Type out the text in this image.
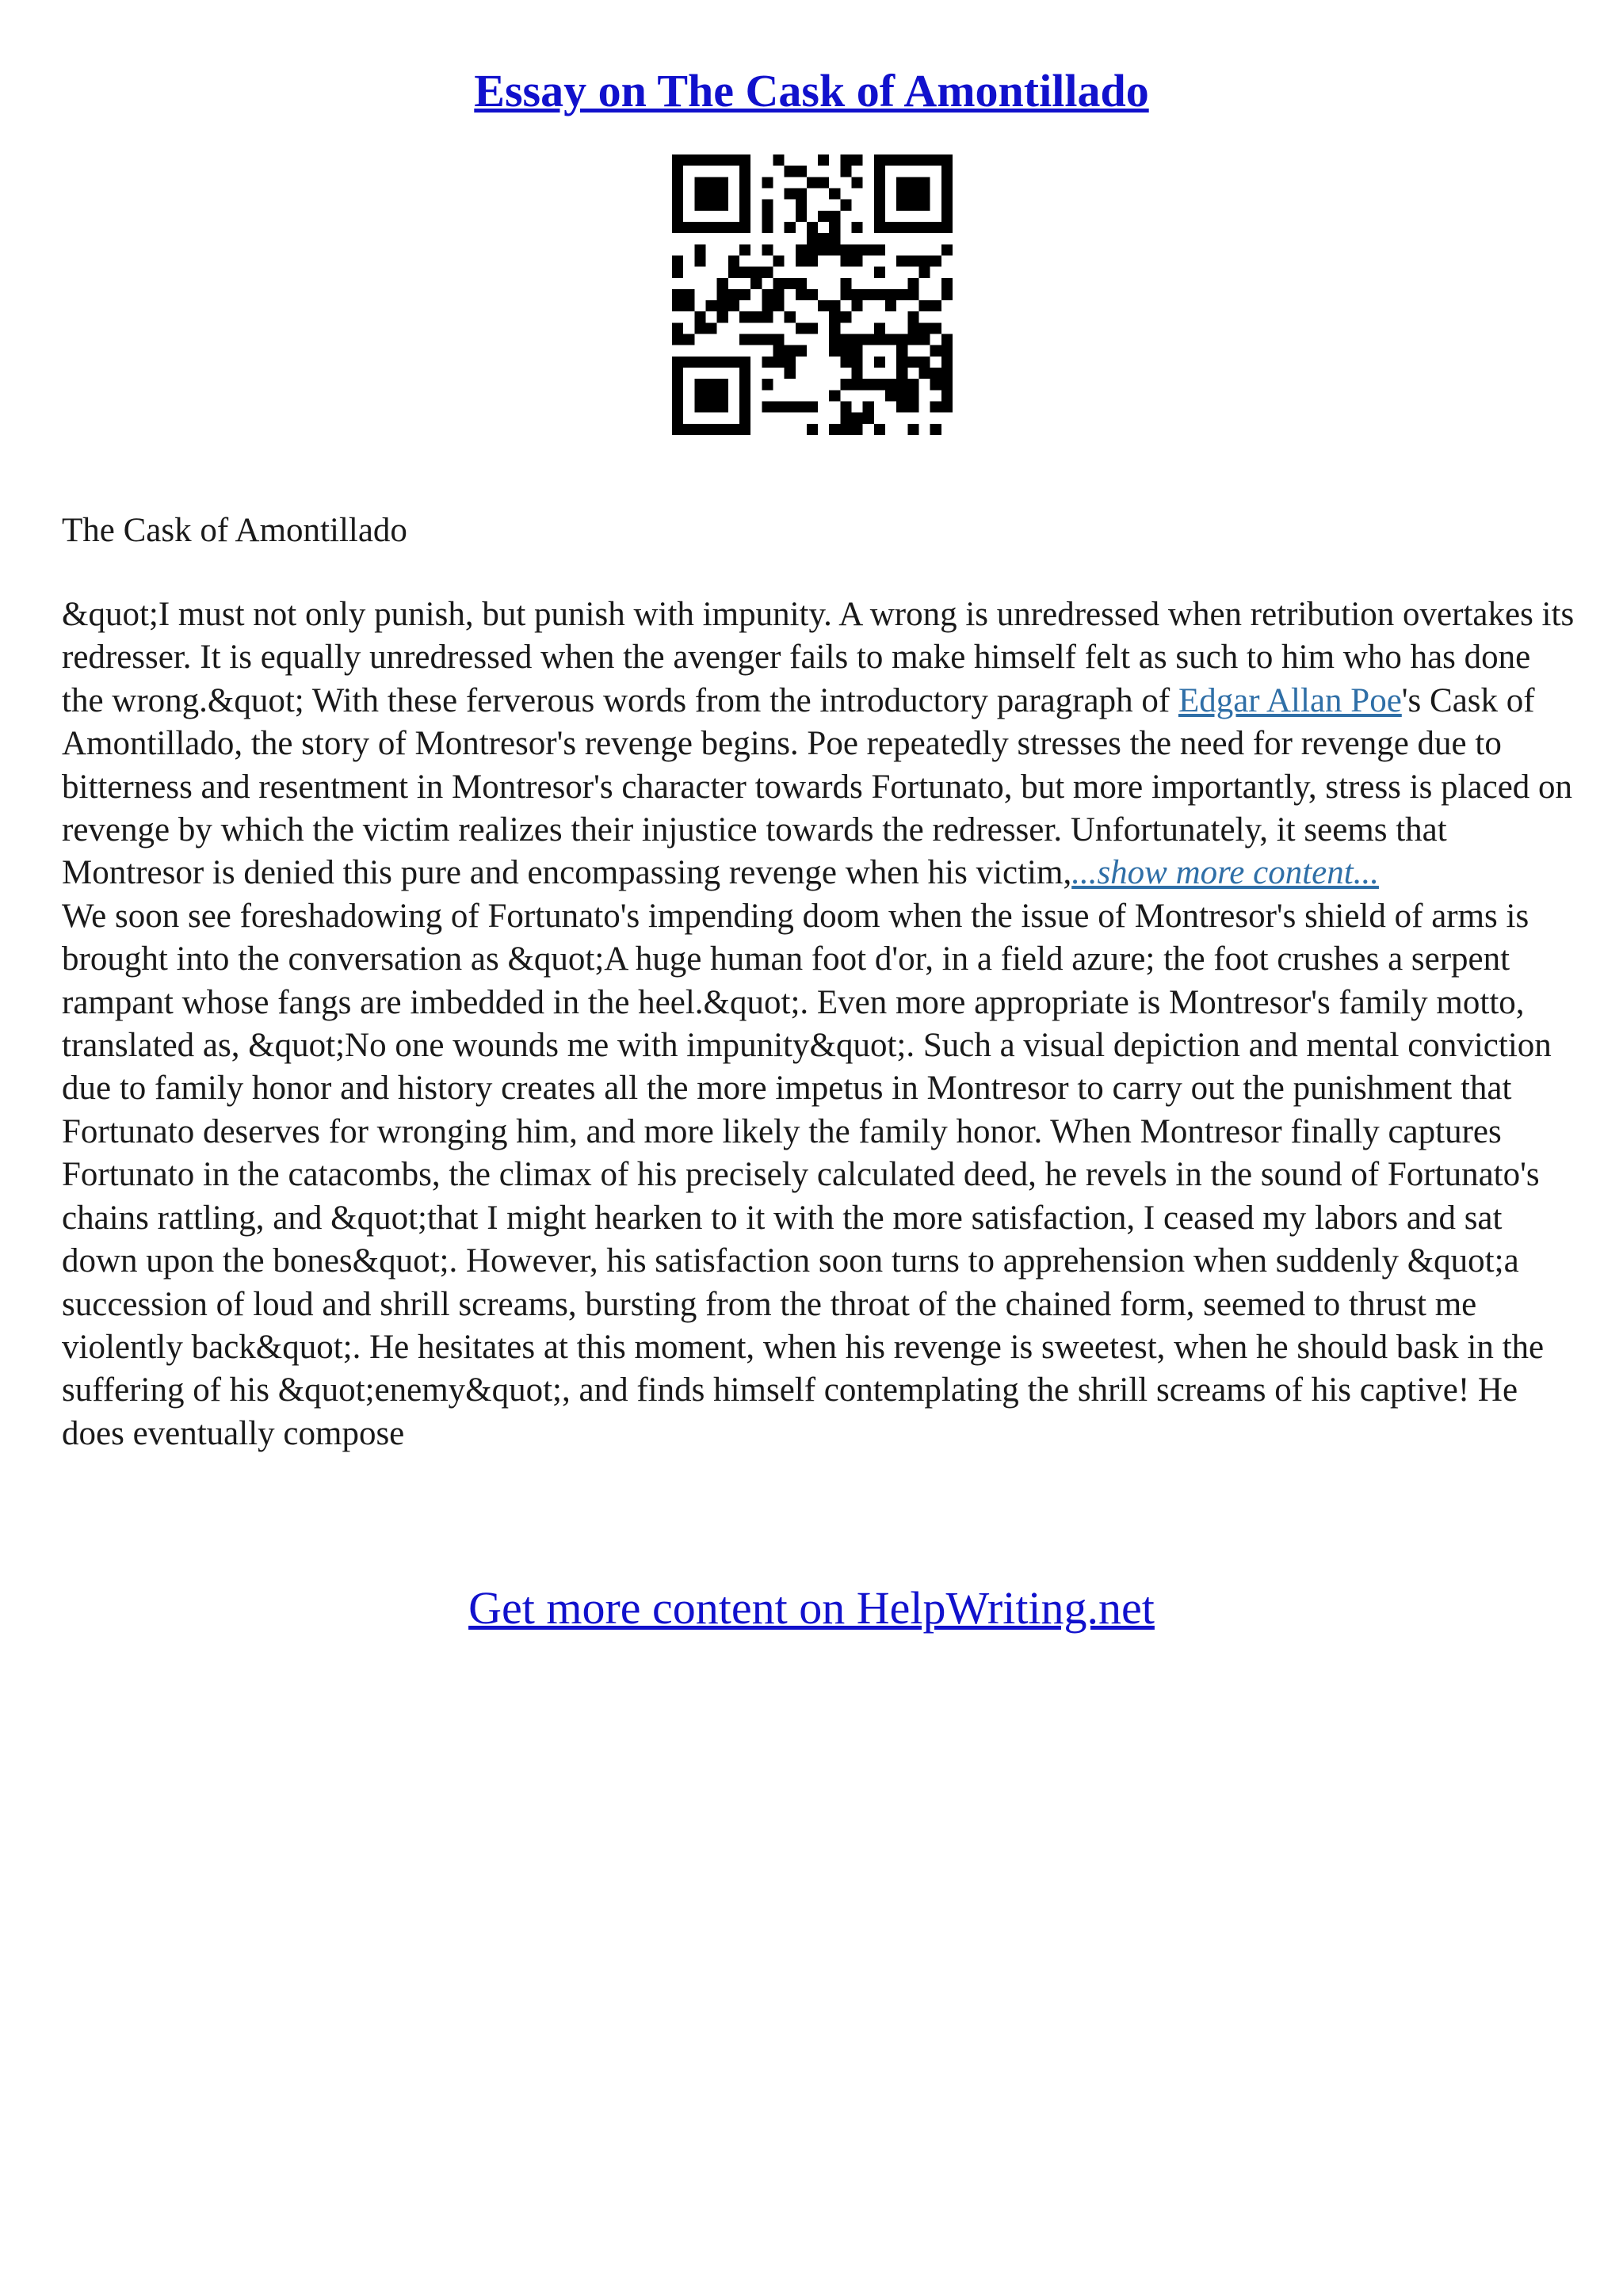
Essay on The Cask of Amontillado
The Cask of Amontillado

&quot;I must not only punish, but punish with impunity. A wrong is unredressed when retribution overtakes its redresser. It is equally unredressed when the avenger fails to make himself felt as such to him who has done the wrong.&quot; With these ferverous words from the introductory paragraph of Edgar Allan Poe's Cask of Amontillado, the story of Montresor's revenge begins. Poe repeatedly stresses the need for revenge due to bitterness and resentment in Montresor's character towards Fortunato, but more importantly, stress is placed on revenge by which the victim realizes their injustice towards the redresser. Unfortunately, it seems that Montresor is denied this pure and encompassing revenge when his victim,...show more content...

We soon see foreshadowing of Fortunato's impending doom when the issue of Montresor's shield of arms is brought into the conversation as &quot;A huge human foot d'or, in a field azure; the foot crushes a serpent rampant whose fangs are imbedded in the heel.&quot;. Even more appropriate is Montresor's family motto, translated as, &quot;No one wounds me with impunity&quot;. Such a visual depiction and mental conviction due to family honor and history creates all the more impetus in Montresor to carry out the punishment that Fortunato deserves for wronging him, and more likely the family honor. When Montresor finally captures Fortunato in the catacombs, the climax of his precisely calculated deed, he revels in the sound of Fortunato's chains rattling, and &quot;that I might hearken to it with the more satisfaction, I ceased my labors and sat down upon the bones&quot;. However, his satisfaction soon turns to apprehension when suddenly &quot;a succession of loud and shrill screams, bursting from the throat of the chained form, seemed to thrust me violently back&quot;. He hesitates at this moment, when his revenge is sweetest, when he should bask in the suffering of his &quot;enemy&quot;, and finds himself contemplating the shrill screams of his captive! He does eventually compose

Get more content on HelpWriting.net
